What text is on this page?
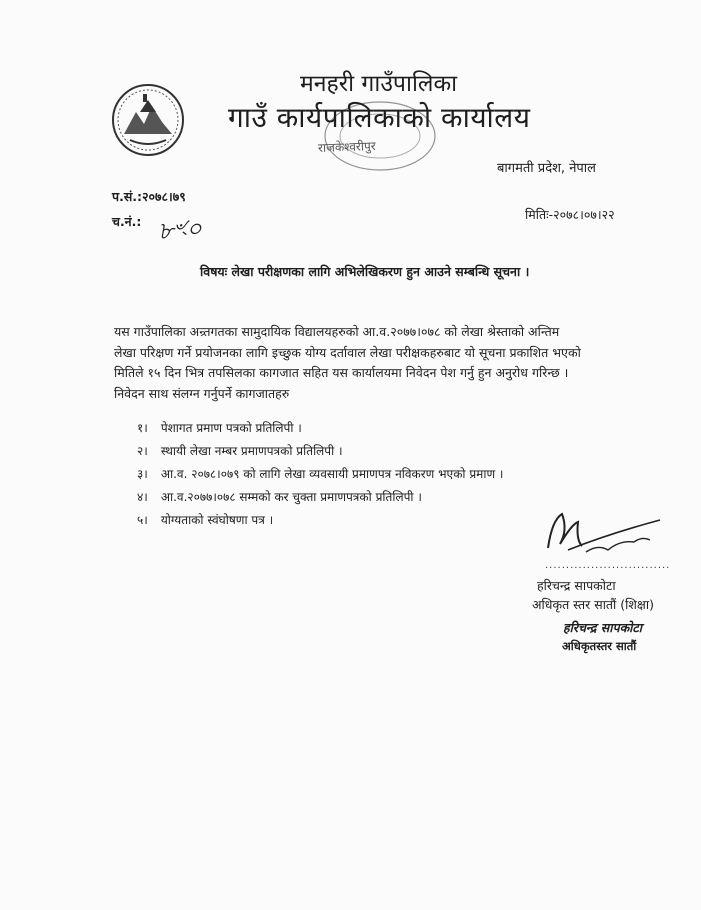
मनहरी गाउँपालिका
गाउँ कार्यपालिकाको कार्यालय
राजकेश्वरीपुर
बागमती प्रदेश, नेपाल
प.सं.:२०७८।७९
च.नं.: ৮ৼ০
मितिः-२०७८।०७।२२
विषयः लेखा परीक्षणका लागि अभिलेखिकरण हुन आउने सम्बन्धि सूचना ।

यस गाउँपालिका अन्र्तगतका सामुदायिक विद्यालयहरुको आ.व.२०७७।०७८ को लेखा श्रेस्ताको अन्तिम

लेखा परिक्षण गर्ने प्रयोजनका लागि इच्छुक योग्य दर्तावाल लेखा परीक्षकहरुबाट यो सूचना प्रकाशित भएको

मितिले १५ दिन भित्र तपसिलका कागजात सहित यस कार्यालयमा निवेदन पेश गर्नु हुन अनुरोध गरिन्छ ।

निवेदन साथ संलग्न गर्नुपर्ने कागजातहरु

१। पेशागत प्रमाण पत्रको प्रतिलिपी ।
२। स्थायी लेखा नम्बर प्रमाणपत्रको प्रतिलिपी ।
३। आ.व. २०७८।०७९ को लागि लेखा व्यवसायी प्रमाणपत्र नविकरण भएको प्रमाण ।
४। आ.व.२०७७।०७८ सम्मको कर चुक्ता प्रमाणपत्रको प्रतिलिपी ।
५। योग्यताको स्वंघोषणा पत्र ।
..............................
हरिचन्द्र सापकोटा
अधिकृत स्तर सातौं (शिक्षा)
हरिचन्द्र सापकोटा
अधिकृतस्तर सातौं
